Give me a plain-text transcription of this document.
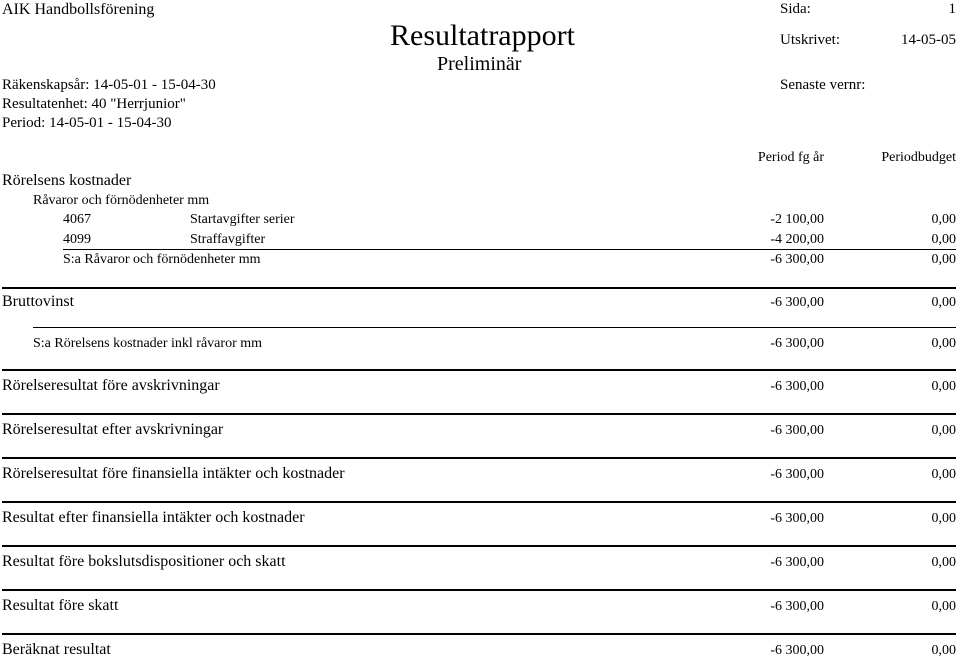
AIK Handbollsförening
Resultatrapport
Preliminär
Sida:	1
Utskrivet:	14-05-05
Räkenskapsår: 14-05-01 - 15-04-30
Resultatenhet: 40 "Herrjunior"
Period: 14-05-01 - 15-04-30
Senaste vernr:
Period fg år	Periodbudget
Rörelsens kostnader
Råvaror och förnödenheter mm
4067	Startavgifter serier	-2 100,00	0,00
4099	Straffavgifter	-4 200,00	0,00
S:a Råvaror och förnödenheter mm	-6 300,00	0,00
Bruttovinst	-6 300,00	0,00
S:a Rörelsens kostnader inkl råvaror mm	-6 300,00	0,00
Rörelseresultat före avskrivningar	-6 300,00	0,00
Rörelseresultat efter avskrivningar	-6 300,00	0,00
Rörelseresultat före finansiella intäkter och kostnader	-6 300,00	0,00
Resultat efter finansiella intäkter och kostnader	-6 300,00	0,00
Resultat före bokslutsdispositioner och skatt	-6 300,00	0,00
Resultat före skatt	-6 300,00	0,00
Beräknat resultat	-6 300,00	0,00
